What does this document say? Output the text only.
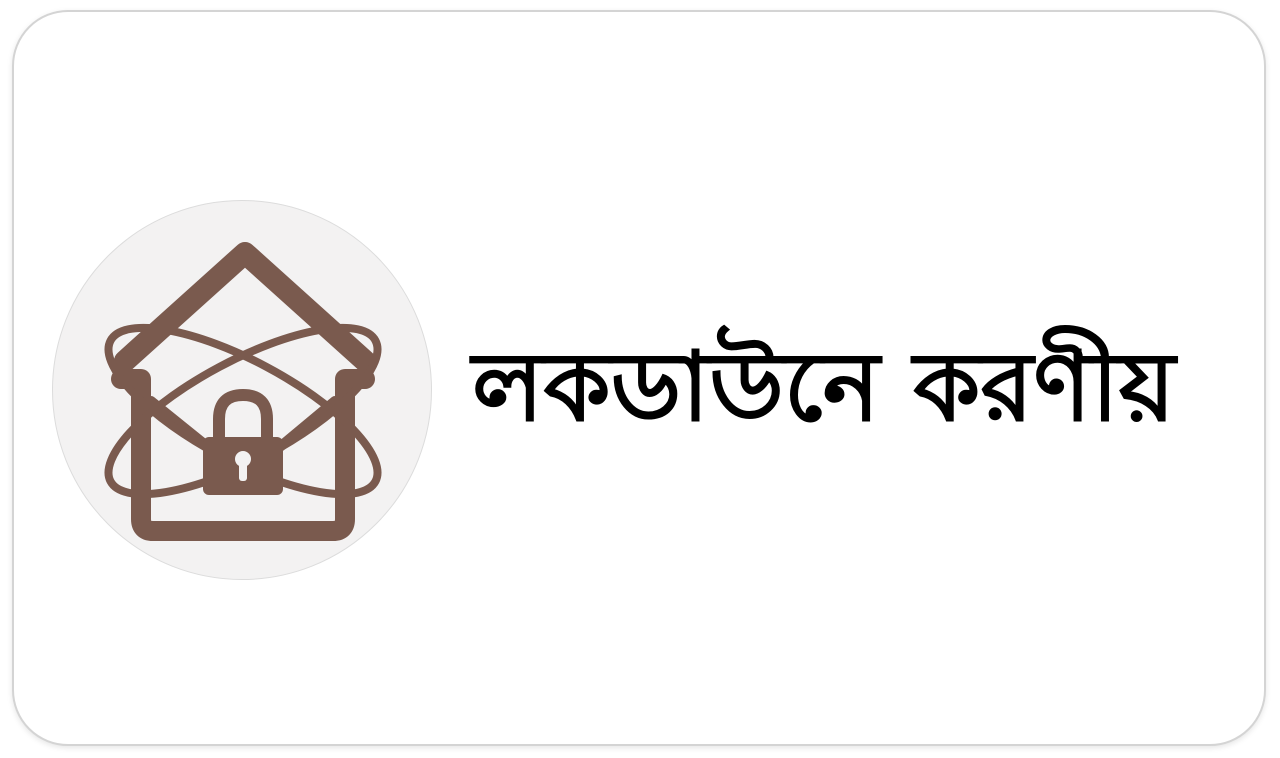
লকডাউনে করণীয়
